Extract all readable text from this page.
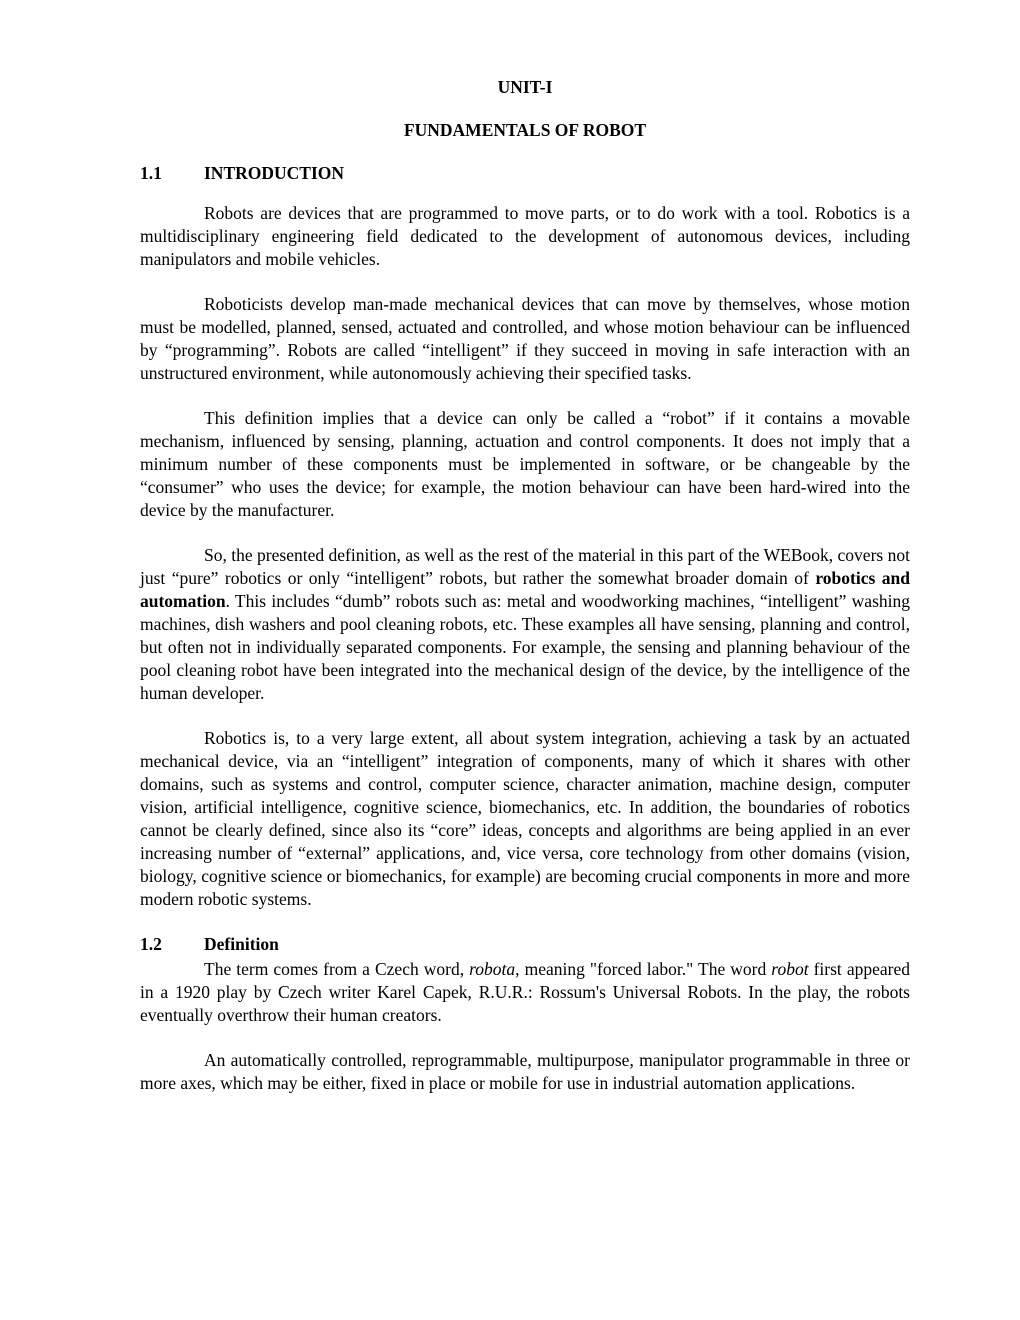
UNIT-I
FUNDAMENTALS OF ROBOT
1.1 INTRODUCTION

Robots are devices that are programmed to move parts, or to do work with a tool. Robotics is a multidisciplinary engineering field dedicated to the development of autonomous devices, including manipulators and mobile vehicles.

Roboticists develop man-made mechanical devices that can move by themselves, whose motion must be modelled, planned, sensed, actuated and controlled, and whose motion behaviour can be influenced by “programming”. Robots are called “intelligent” if they succeed in moving in safe interaction with an unstructured environment, while autonomously achieving their specified tasks.

This definition implies that a device can only be called a “robot” if it contains a movable mechanism, influenced by sensing, planning, actuation and control components. It does not imply that a minimum number of these components must be implemented in software, or be changeable by the “consumer” who uses the device; for example, the motion behaviour can have been hard-wired into the device by the manufacturer.

So, the presented definition, as well as the rest of the material in this part of the WEBook, covers not just “pure” robotics or only “intelligent” robots, but rather the somewhat broader domain of robotics and automation. This includes “dumb” robots such as: metal and woodworking machines, “intelligent” washing machines, dish washers and pool cleaning robots, etc. These examples all have sensing, planning and control, but often not in individually separated components. For example, the sensing and planning behaviour of the pool cleaning robot have been integrated into the mechanical design of the device, by the intelligence of the human developer.

Robotics is, to a very large extent, all about system integration, achieving a task by an actuated mechanical device, via an “intelligent” integration of components, many of which it shares with other domains, such as systems and control, computer science, character animation, machine design, computer vision, artificial intelligence, cognitive science, biomechanics, etc. In addition, the boundaries of robotics cannot be clearly defined, since also its “core” ideas, concepts and algorithms are being applied in an ever increasing number of “external” applications, and, vice versa, core technology from other domains (vision, biology, cognitive science or biomechanics, for example) are becoming crucial components in more and more modern robotic systems.

1.2 Definition

The term comes from a Czech word, robota, meaning "forced labor." The word robot first appeared in a 1920 play by Czech writer Karel Capek, R.U.R.: Rossum's Universal Robots. In the play, the robots eventually overthrow their human creators.

An automatically controlled, reprogrammable, multipurpose, manipulator programmable in three or more axes, which may be either, fixed in place or mobile for use in industrial automation applications.
